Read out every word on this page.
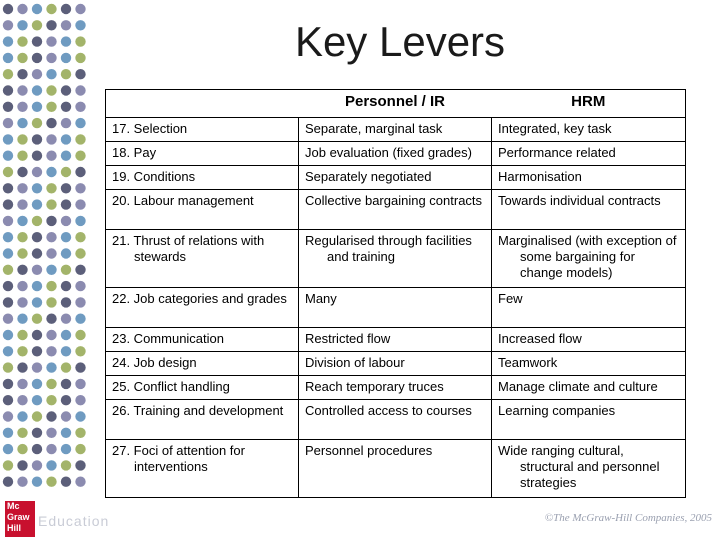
Key Levers
	Personnel / IR	HRM

17. Selection	Separate, marginal task	Integrated, key task

18. Pay	Job evaluation (fixed grades)	Performance related

19. Conditions	Separately negotiated	Harmonisation

20. Labour management	Collective bargaining contracts	Towards individual contracts

21. Thrust of relations with stewards	Regularised through facilities and training	Marginalised (with exception of some bargaining for change models)

22. Job categories and grades	Many	Few

23. Communication	Restricted flow	Increased flow

24. Job design	Division of labour	Teamwork

25. Conflict handling	Reach temporary truces	Manage climate and culture

26. Training and development	Controlled access to courses	Learning companies

27. Foci of attention for interventions	Personnel procedures	Wide ranging cultural, structural and personnel strategies
Mc
Graw
Hill	Education	©The McGraw-Hill Companies, 2005
